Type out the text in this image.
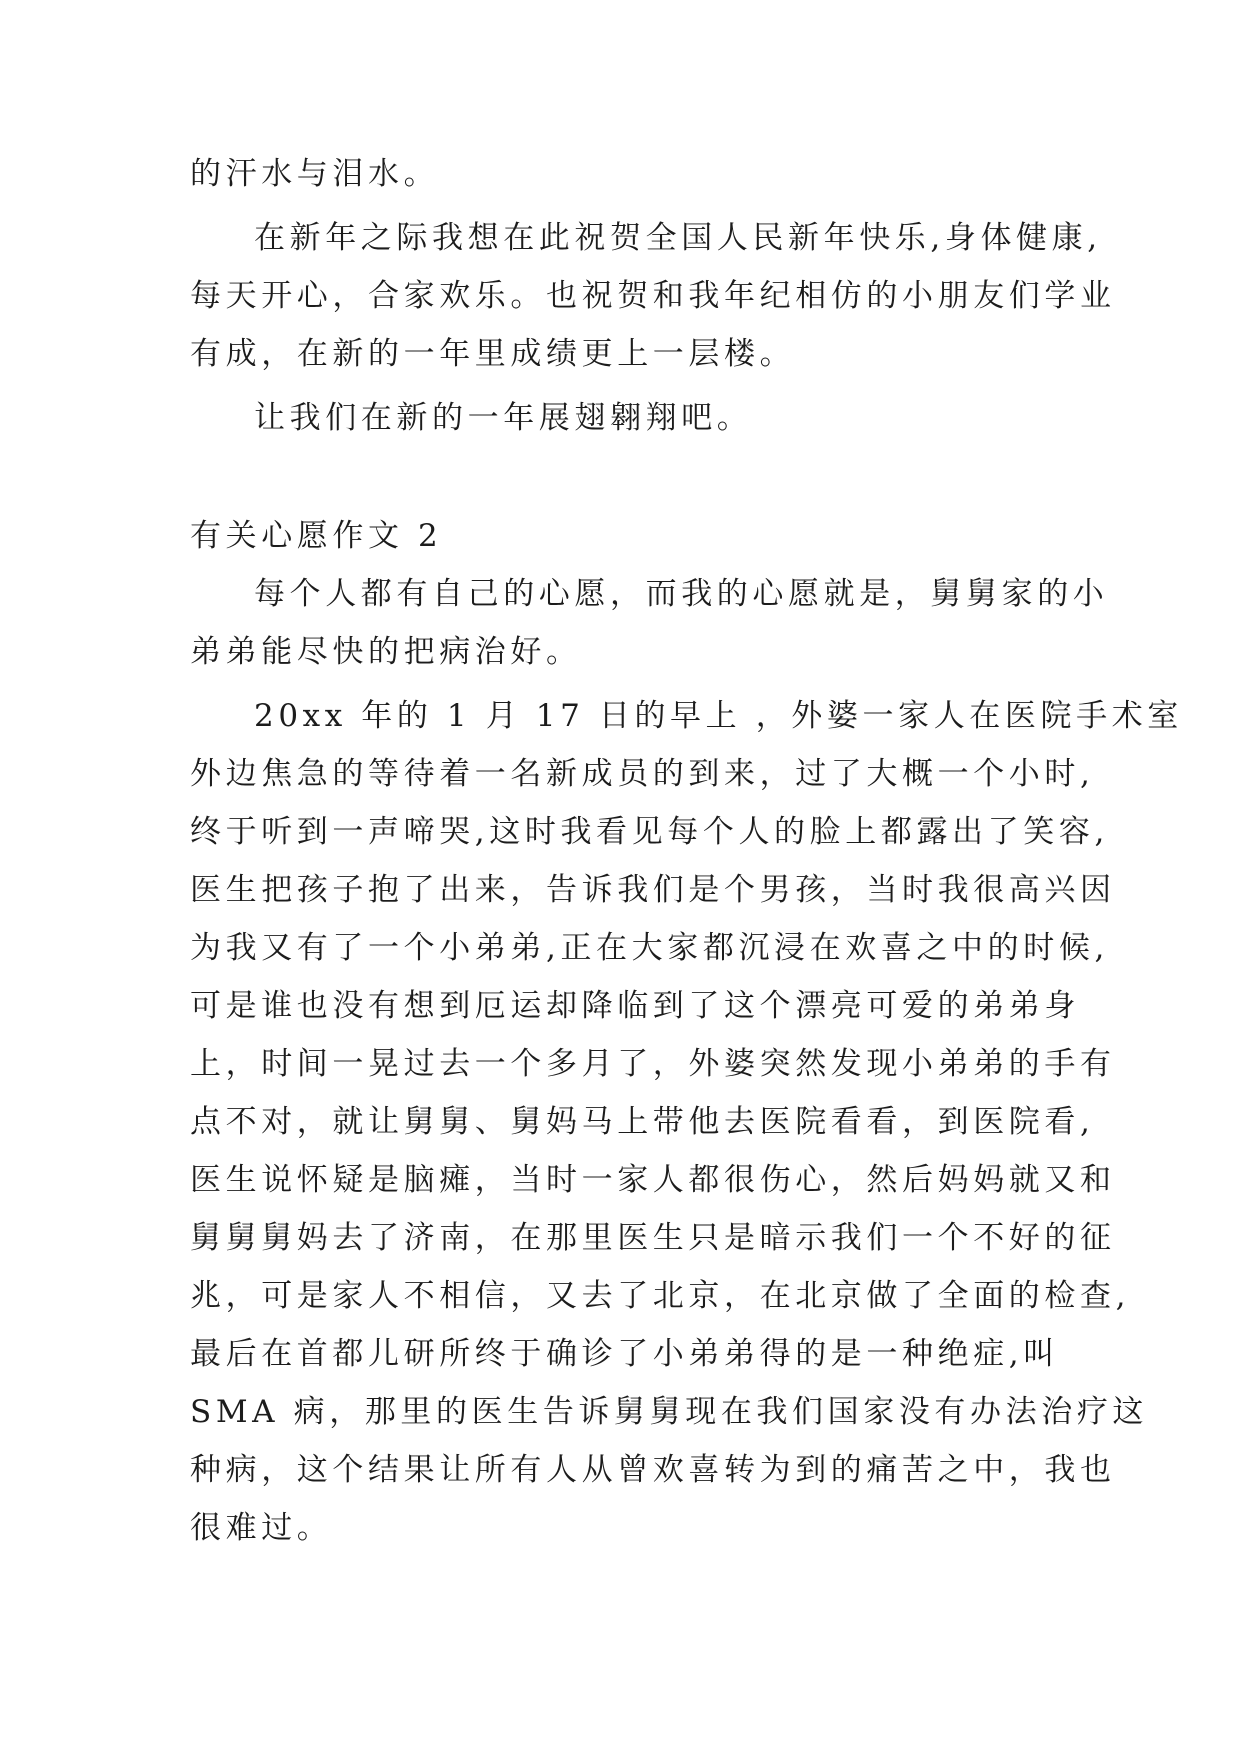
的汗水与泪水。
在新年之际我想在此祝贺全国人民新年快乐,身体健康,
每天开心，合家欢乐。也祝贺和我年纪相仿的小朋友们学业
有成，在新的一年里成绩更上一层楼。
让我们在新的一年展翅翱翔吧。
有关心愿作文 2
每个人都有自己的心愿，而我的心愿就是，舅舅家的小
弟弟能尽快的把病治好。
20xx 年的 1 月 17 日的早上 ，外婆一家人在医院手术室
外边焦急的等待着一名新成员的到来，过了大概一个小时,
终于听到一声啼哭,这时我看见每个人的脸上都露出了笑容,
医生把孩子抱了出来，告诉我们是个男孩，当时我很高兴因
为我又有了一个小弟弟,正在大家都沉浸在欢喜之中的时候,
可是谁也没有想到厄运却降临到了这个漂亮可爱的弟弟身
上，时间一晃过去一个多月了，外婆突然发现小弟弟的手有
点不对，就让舅舅、舅妈马上带他去医院看看，到医院看,
医生说怀疑是脑瘫，当时一家人都很伤心，然后妈妈就又和
舅舅舅妈去了济南，在那里医生只是暗示我们一个不好的征
兆，可是家人不相信，又去了北京，在北京做了全面的检查,
最后在首都儿研所终于确诊了小弟弟得的是一种绝症,叫
SMA 病，那里的医生告诉舅舅现在我们国家没有办法治疗这
种病，这个结果让所有人从曾欢喜转为到的痛苦之中，我也
很难过。
